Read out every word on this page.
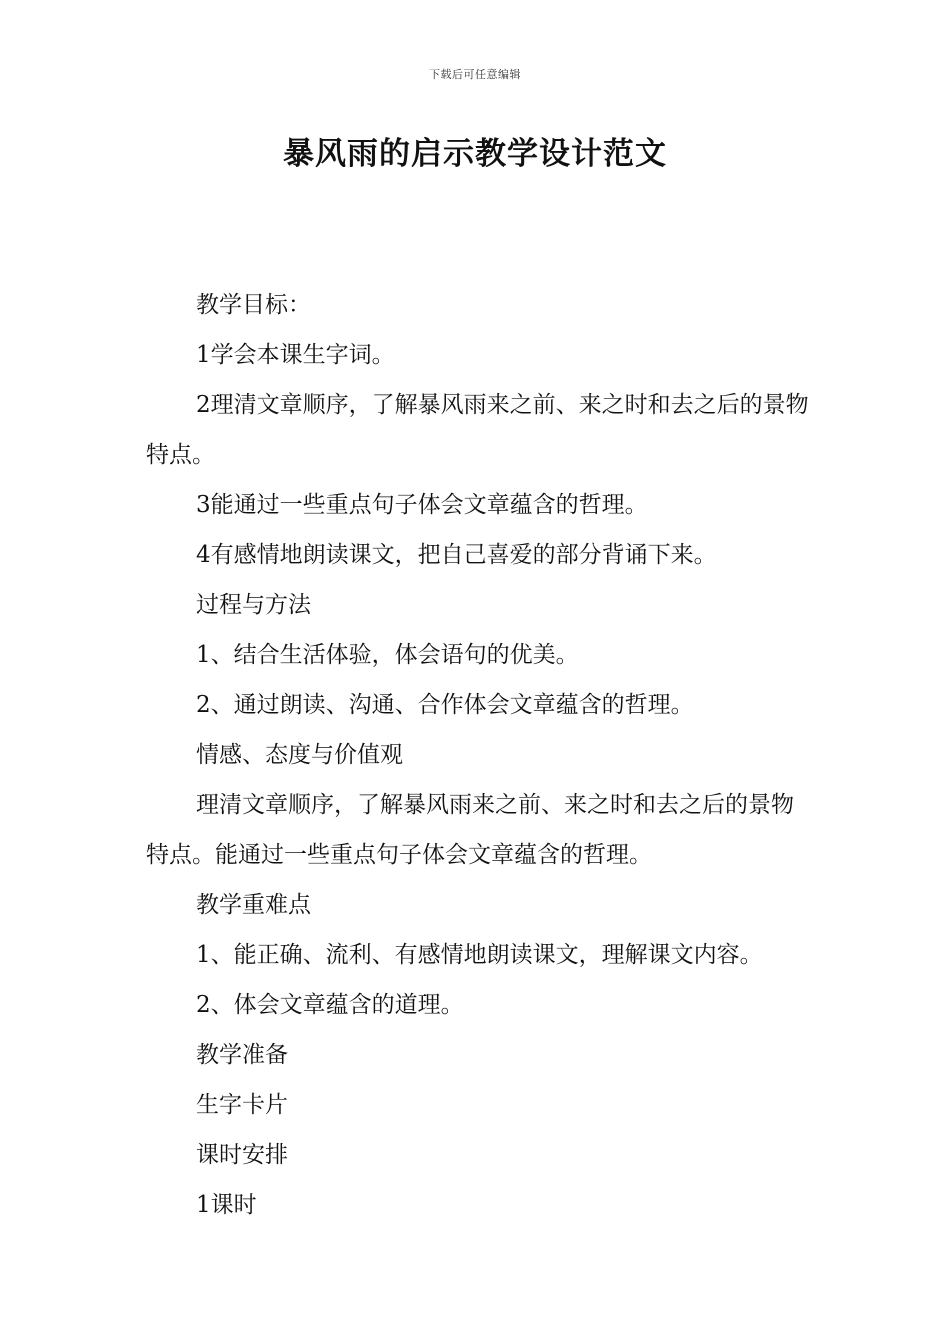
下载后可任意编辑
暴风雨的启示教学设计范文

教学目标：

1学会本课生字词。

2理清文章顺序，了解暴风雨来之前、来之时和去之后的景物特点。

3能通过一些重点句子体会文章蕴含的哲理。

4有感情地朗读课文，把自己喜爱的部分背诵下来。

过程与方法

1、结合生活体验，体会语句的优美。

2、通过朗读、沟通、合作体会文章蕴含的哲理。

情感、态度与价值观

理清文章顺序，了解暴风雨来之前、来之时和去之后的景物特点。能通过一些重点句子体会文章蕴含的哲理。

教学重难点

1、能正确、流利、有感情地朗读课文，理解课文内容。

2、体会文章蕴含的道理。

教学准备

生字卡片

课时安排

1课时
